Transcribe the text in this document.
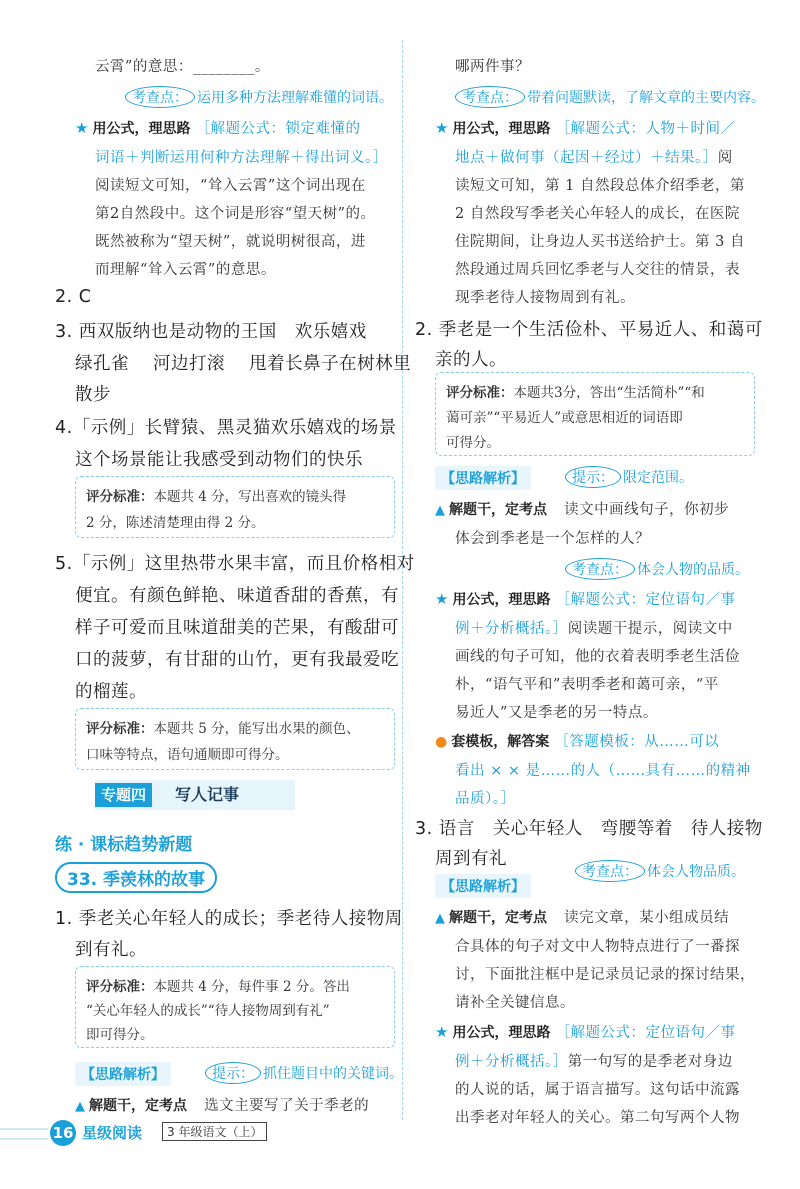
云霄”的意思：________。
考查点： 运用多种方法理解难懂的词语。
★ 用公式，理思路 ［解题公式：锁定难懂的
词语＋判断运用何种方法理解＋得出词义。］
阅读短文可知，“耸入云霄”这个词出现在
第2自然段中。这个词是形容“望天树”的。
既然被称为“望天树”，就说明树很高，进
而理解“耸入云霄”的意思。
2. C
3. 西双版纳也是动物的王国　欢乐嬉戏
绿孔雀　 河边打滚　 甩着长鼻子在树林里
散步
4.「示例」长臂猿、黑灵猫欢乐嬉戏的场景
这个场景能让我感受到动物们的快乐
评分标准：本题共 4 分，写出喜欢的镜头得
2 分，陈述清楚理由得 2 分。
5.「示例」这里热带水果丰富，而且价格相对
便宜。有颜色鲜艳、味道香甜的香蕉，有
样子可爱而且味道甜美的芒果，有酸甜可
口的菠萝，有甘甜的山竹，更有我最爱吃
的榴莲。
评分标准：本题共 5 分，能写出水果的颜色、
口味等特点，语句通顺即可得分。
专题四	写人记事
练 · 课标趋势新题
33. 季羡林的故事
1. 季老关心年轻人的成长；季老待人接物周
到有礼。
评分标准：本题共 4 分，每件事 2 分。答出
“关心年轻人的成长”“待人接物周到有礼”
即可得分。
【思路解析】	提示： 抓住题目中的关键词。
▲ 解题干，定考点 选文主要写了关于季老的
哪两件事？
考查点： 带着问题默读，了解文章的主要内容。
★ 用公式，理思路 ［解题公式：人物＋时间／
地点＋做何事（起因＋经过）＋结果。］阅
读短文可知，第 1 自然段总体介绍季老，第
2 自然段写季老关心年轻人的成长，在医院
住院期间，让身边人买书送给护士。第 3 自
然段通过周兵回忆季老与人交往的情景，表
现季老待人接物周到有礼。
2. 季老是一个生活俭朴、平易近人、和蔼可
亲的人。
评分标准：本题共3分，答出“生活简朴”“和
蔼可亲”“平易近人”或意思相近的词语即
可得分。
【思路解析】	提示： 限定范围。
▲ 解题干，定考点 读文中画线句子，你初步
体会到季老是一个怎样的人？
考查点： 体会人物的品质。
★ 用公式，理思路 ［解题公式：定位语句／事
例＋分析概括。］阅读题干提示，阅读文中
画线的句子可知，他的衣着表明季老生活俭
朴，“语气平和”表明季老和蔼可亲，“平
易近人”又是季老的另一特点。
● 套模板，解答案 ［答题模板：从……可以
看出 × × 是……的人（……具有……的精神
品质）。］
3. 语言　关心年轻人　弯腰等着　待人接物
周到有礼
【思路解析】
考查点： 体会人物品质。
▲ 解题干，定考点 读完文章，某小组成员结
合具体的句子对文中人物特点进行了一番探
讨，下面批注框中是记录员记录的探讨结果，
请补全关键信息。
★ 用公式，理思路 ［解题公式：定位语句／事
例＋分析概括。］第一句写的是季老对身边
的人说的话，属于语言描写。这句话中流露
出季老对年轻人的关心。第二句写两个人物
16 星级阅读	3 年级语文（上）
